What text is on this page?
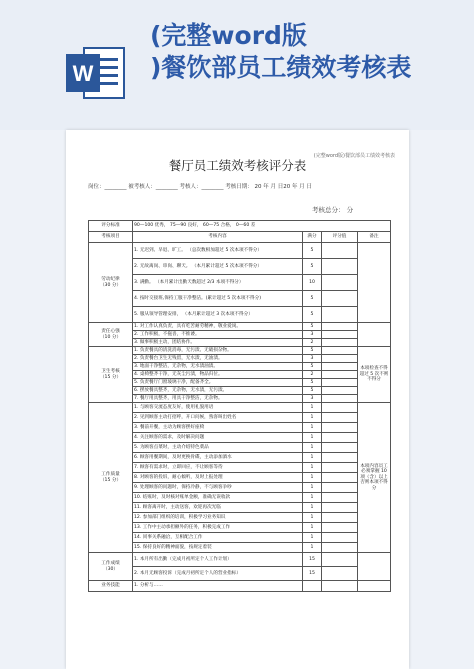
W
(完整word版
)餐饮部员工绩效考核表
(完整word版)餐饮部员工绩效考核表
餐厅员工绩效考核评分表
岗位：________ 被考核人：________ 考核人：________ 考核日期： 20 年 月 日20 年 月 日
考核总分： 分
评分标准	90—100 优秀， 75—90 良好， 60—75 合格， 0—60 差			
考核项目	考核内容	满分	评分值	备注
劳动纪律
（30 分）	1. 无迟到、早退、旷工。 （总次数相加超过 5 次本项不得分）	5		
	2. 无故离岗、串岗、聊天。 （本月累计超过 5 次本项不得分）	5		
	3. 满勤。 （本月累计出勤天数超过 2/3 本项不得分）	10		
	4. 按时交接班,保持工服干净整洁。(累计超过 5 次本项不得分)	5		
	5. 服从领导管理安排， （本月累计超过 3 次本项不得分）	5		
责任心强
（10 分）	1. 对工作认真负责，具有吃苦耐劳精神，敬业爱岗。	5		
	2. 工作积极，不拖沓，不推诿。	3		
	3. 做事积极主动，团结协作。	2		
卫生考核
（15 分）	1. 负责餐具的清洗消毒，无污渍、无破损杂物。	5		本项检查不得超过 5 次不则不得分
	2. 负责餐台卫生无残留，无水渍，无油渍。	3		
	3. 地面干净整洁，无杂物，无水渍油渍。	5		
	4. 桌椅整齐干净，无灰尘污渍，物品归位。	2		
	5. 负责餐厅门窗玻璃干净，配备齐全。	5		
	6. 摆放餐具整齐，无杂物，无水渍，无污渍。	5		
	7. 餐厅用具整齐，用具干净整洁，无杂物。	3		
工作质量
（15 分）	1. 与顾客交流态度友好，使用礼貌用语	1		本项内容员工必须掌握 10 项（含）以上否则本项不得分
	2. 见到顾客主动打招呼，开口问候，熟客叫出姓名	1		
	3. 餐前开餐，主动为顾客摆好座椅	1		
	4. 关注顾客的需求，及时解决问题	1		
	5. 为顾客点菜时，主动介绍特色菜品	1		
	6. 顾客用餐期间，及时更换骨碟，主动添加酒水	1		
	7. 顾客有需求时，立即回应，不让顾客等待	1		
	8. 对顾客的投诉，耐心倾听，及时上报处理	1		
	9. 处理顾客的问题时，保持冷静，不与顾客争吵	1		
	10. 结账时，及时核对账单金额，准确无误收款	1		
	11. 顾客离开时，主动送客，欢迎再次光临	1		
	12. 参加部门组织的培训，积极学习业务知识	1		
	13. 工作中主动承担额外的任务，积极完成工作	1		
	14. 同事关系融洽，互相配合工作	1		
	15. 保持良好的精神面貌，按规定着装	1		
工作成绩
（30）	1. 本月所有出勤（完成月初所定个人工作计划）	15		
	2. 本月无顾客投诉（完成月初所定个人的营业指标）	15		
业务技能	1. 分析与……			
